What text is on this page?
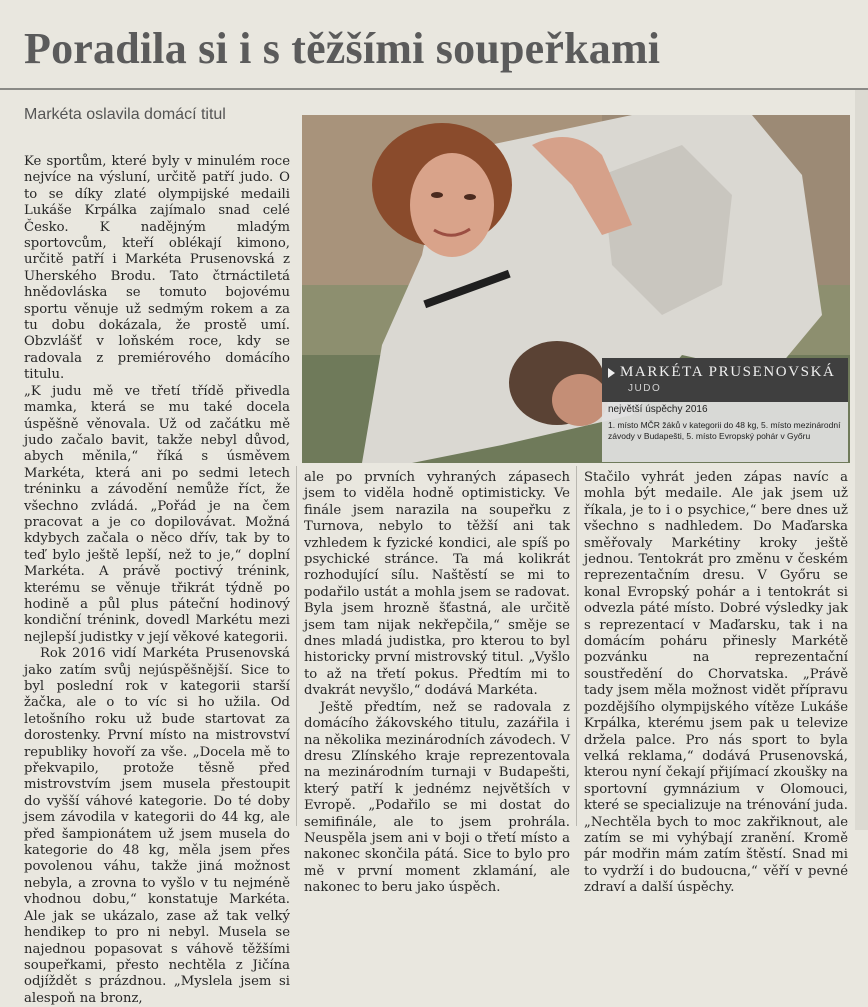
Poradila si i s těžšími soupeřkami
Markéta oslavila domácí titul
MARKÉTA PRUSENOVSKÁ
JUDO
největší úspěchy 2016
1. místo MČR žáků v kategorii do 48 kg, 5. místo mezinárodní závody v Budapešti, 5. místo Evropský pohár v Győru

Ke sportům, které byly v minulém roce nejvíce na výsluní, určitě patří judo. O to se díky zlaté olympijské medaili Lukáše Krpálka zajímalo snad celé Česko. K nadějným mladým sportovcům, kteří oblékají kimono, určitě patří i Markéta Prusenovská z Uherského Brodu. Tato čtrnáctiletá hnědovláska se tomuto bojovému sportu věnuje už sedmým rokem a za tu dobu dokázala, že prostě umí. Obzvlášť v loňském roce, kdy se radovala z premiérového domácího titulu.

„K judu mě ve třetí třídě přivedla mamka, která se mu také docela úspěšně věnovala. Už od začátku mě judo začalo bavit, takže nebyl důvod, abych měnila,“ říká s úsměvem Markéta, která ani po sedmi letech tréninku a závodění nemůže říct, že všechno zvládá. „Pořád je na čem pracovat a je co dopilovávat. Možná kdybych začala o něco dřív, tak by to teď bylo ještě lepší, než to je,“ doplní Markéta. A právě poctivý trénink, kterému se věnuje třikrát týdně po hodině a půl plus páteční hodinový kondiční trénink, dovedl Markétu mezi nejlepší judistky v její věkové kategorii.

Rok 2016 vidí Markéta Prusenovská jako zatím svůj nejúspěšnější. Sice to byl poslední rok v kategorii starší žačka, ale o to víc si ho užila. Od letošního roku už bude startovat za dorostenky. První místo na mistrovství republiky hovoří za vše. „Docela mě to překvapilo, protože těsně před mistrovstvím jsem musela přestoupit do vyšší váhové kategorie. Do té doby jsem závodila v kategorii do 44 kg, ale před šampionátem už jsem musela do kategorie do 48 kg, měla jsem přes povolenou váhu, takže jiná možnost nebyla, a zrovna to vyšlo v tu nejméně vhodnou dobu,“ konstatuje Markéta. Ale jak se ukázalo, zase až tak velký hendikep to pro ni nebyl. Musela se najednou popasovat s váhově těžšími soupeřkami, přesto nechtěla z Jičína odjíždět s prázdnou. „Myslela jsem si alespoň na bronz,

ale po prvních vyhraných zápasech jsem to viděla hodně optimisticky. Ve finále jsem narazila na soupeřku z Turnova, nebylo to těžší ani tak vzhledem k fyzické kondici, ale spíš po psychické stránce. Ta má kolikrát rozhodující sílu. Naštěstí se mi to podařilo ustát a mohla jsem se radovat. Byla jsem hrozně šťastná, ale určitě jsem tam nijak nekřepčila,“ směje se dnes mladá judistka, pro kterou to byl historicky první mistrovský titul. „Vyšlo to až na třetí pokus. Předtím mi to dvakrát nevyšlo,“ dodává Markéta.

Ještě předtím, než se radovala z domácího žákovského titulu, zazářila i na několika mezinárodních závodech. V dresu Zlínského kraje reprezentovala na mezinárodním turnaji v Budapešti, který patří k jednémz největších v Evropě. „Podařilo se mi dostat do semifinále, ale to jsem prohrála. Neuspěla jsem ani v boji o třetí místo a nakonec skončila pátá. Sice to bylo pro mě v první moment zklamání, ale nakonec to beru jako úspěch.

Stačilo vyhrát jeden zápas navíc a mohla být medaile. Ale jak jsem už říkala, je to i o psychice,“ bere dnes už všechno s nadhledem. Do Maďarska směřovaly Markétiny kroky ještě jednou. Tentokrát pro změnu v českém reprezentačním dresu. V Győru se konal Evropský pohár a i tentokrát si odvezla páté místo. Dobré výsledky jak s reprezentací v Maďarsku, tak i na domácím poháru přinesly Markétě pozvánku na reprezentační soustředění do Chorvatska. „Právě tady jsem měla možnost vidět přípravu pozdějšího olympijského vítěze Lukáše Krpálka, kterému jsem pak u televize držela palce. Pro nás sport to byla velká reklama,“ dodává Prusenovská, kterou nyní čekají přijímací zkoušky na sportovní gymnázium v Olomouci, které se specializuje na trénování juda. „Nechtěla bych to moc zakřiknout, ale zatím se mi vyhýbají zranění. Kromě pár modřin mám zatím štěstí. Snad mi to vydrží i do budoucna,“ věří v pevné zdraví a další úspěchy.
